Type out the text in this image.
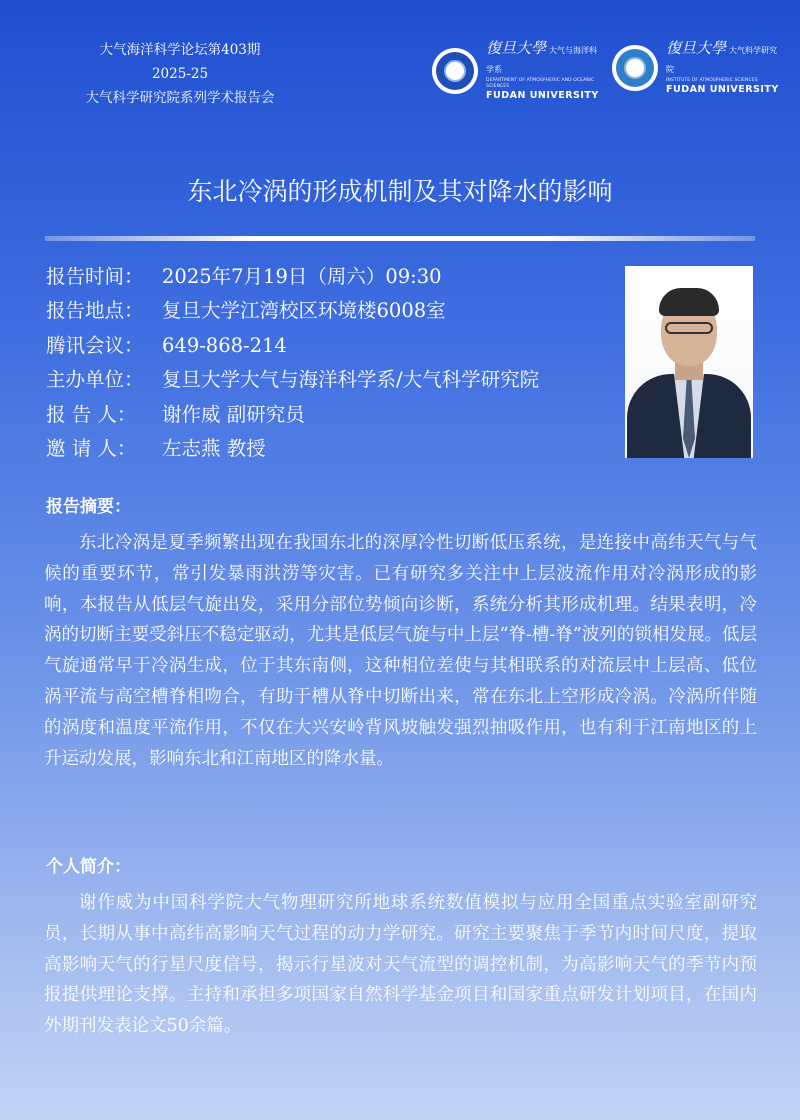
大气海洋科学论坛第403期
2025-25
大气科学研究院系列学术报告会
復旦大學 大气与海洋科学系
DEPARTMENT OF ATMOSPHERIC AND OCEANIC SCIENCES
FUDAN UNIVERSITY
復旦大學 大气科学研究院
INSTITUTE OF ATMOSPHERIC SCIENCES
FUDAN UNIVERSITY
东北冷涡的形成机制及其对降水的影响
报告时间： 2025年7月19日（周六）09:30
报告地点： 复旦大学江湾校区环境楼6008室
腾讯会议： 649-868-214
主办单位： 复旦大学大气与海洋科学系/大气科学研究院
报 告 人：	谢作威 副研究员
邀 请 人：	左志燕 教授
报告摘要：
东北冷涡是夏季频繁出现在我国东北的深厚冷性切断低压系统，是连接中高纬天气与气候的重要环节，常引发暴雨洪涝等灾害。已有研究多关注中上层波流作用对冷涡形成的影响，本报告从低层气旋出发，采用分部位势倾向诊断，系统分析其形成机理。结果表明，冷涡的切断主要受斜压不稳定驱动，尤其是低层气旋与中上层“脊-槽-脊”波列的锁相发展。低层气旋通常早于冷涡生成，位于其东南侧，这种相位差使与其相联系的对流层中上层高、低位涡平流与高空槽脊相吻合，有助于槽从脊中切断出来，常在东北上空形成冷涡。冷涡所伴随的涡度和温度平流作用，不仅在大兴安岭背风坡触发强烈抽吸作用，也有利于江南地区的上升运动发展，影响东北和江南地区的降水量。
个人简介：
谢作威为中国科学院大气物理研究所地球系统数值模拟与应用全国重点实验室副研究员，长期从事中高纬高影响天气过程的动力学研究。研究主要聚焦于季节内时间尺度，提取高影响天气的行星尺度信号，揭示行星波对天气流型的调控机制，为高影响天气的季节内预报提供理论支撑。主持和承担多项国家自然科学基金项目和国家重点研发计划项目，在国内外期刊发表论文50余篇。
